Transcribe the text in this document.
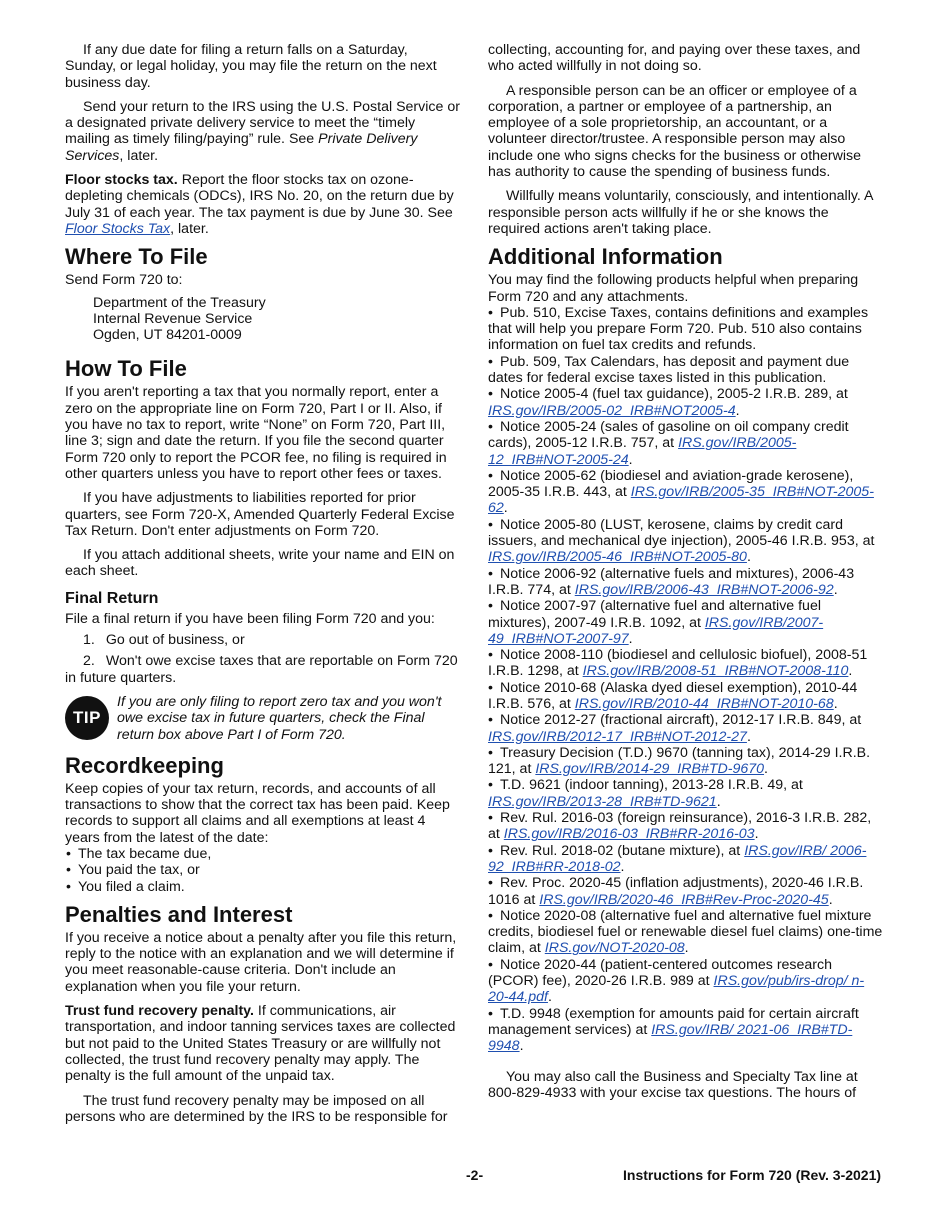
If any due date for filing a return falls on a Saturday, Sunday, or legal holiday, you may file the return on the next business day.

Send your return to the IRS using the U.S. Postal Service or a designated private delivery service to meet the “timely mailing as timely filing/paying” rule. See Private Delivery Services, later.

Floor stocks tax. Report the floor stocks tax on ozone-depleting chemicals (ODCs), IRS No. 20, on the return due by July 31 of each year. The tax payment is due by June 30. See Floor Stocks Tax, later.

Where To File

Send Form 720 to:

Department of the Treasury
Internal Revenue Service
Ogden, UT 84201-0009
How To File

If you aren't reporting a tax that you normally report, enter a zero on the appropriate line on Form 720, Part I or II. Also, if you have no tax to report, write “None” on Form 720, Part III, line 3; sign and date the return. If you file the second quarter Form 720 only to report the PCOR fee, no filing is required in other quarters unless you have to report other fees or taxes.

If you have adjustments to liabilities reported for prior quarters, see Form 720-X, Amended Quarterly Federal Excise Tax Return. Don't enter adjustments on Form 720.

If you attach additional sheets, write your name and EIN on each sheet.

Final Return

File a final return if you have been filing Form 720 and you:

1.  Go out of business, or
2.  Won't owe excise taxes that are reportable on Form 720 in future quarters.
TIP
If you are only filing to report zero tax and you won't owe excise tax in future quarters, check the Final return box above Part I of Form 720.
Recordkeeping

Keep copies of your tax return, records, and accounts of all transactions to show that the correct tax has been paid. Keep records to support all claims and all exemptions at least 4 years from the latest of the date:

• The tax became due,
• You paid the tax, or
• You filed a claim.
Penalties and Interest

If you receive a notice about a penalty after you file this return, reply to the notice with an explanation and we will determine if you meet reasonable-cause criteria. Don't include an explanation when you file your return.

Trust fund recovery penalty. If communications, air transportation, and indoor tanning services taxes are collected but not paid to the United States Treasury or are willfully not collected, the trust fund recovery penalty may apply. The penalty is the full amount of the unpaid tax.

The trust fund recovery penalty may be imposed on all persons who are determined by the IRS to be responsible for

collecting, accounting for, and paying over these taxes, and who acted willfully in not doing so.

A responsible person can be an officer or employee of a corporation, a partner or employee of a partnership, an employee of a sole proprietorship, an accountant, or a volunteer director/trustee. A responsible person may also include one who signs checks for the business or otherwise has authority to cause the spending of business funds.

Willfully means voluntarily, consciously, and intentionally. A responsible person acts willfully if he or she knows the required actions aren't taking place.

Additional Information

You may find the following products helpful when preparing Form 720 and any attachments.

• Pub. 510, Excise Taxes, contains definitions and examples that will help you prepare Form 720. Pub. 510 also contains information on fuel tax credits and refunds.
• Pub. 509, Tax Calendars, has deposit and payment due dates for federal excise taxes listed in this publication.
• Notice 2005-4 (fuel tax guidance), 2005-2 I.R.B. 289, at IRS.gov/IRB/2005-02_IRB#NOT2005-4.
• Notice 2005-24 (sales of gasoline on oil company credit cards), 2005-12 I.R.B. 757, at IRS.gov/IRB/2005-12_IRB#NOT-2005-24.
• Notice 2005-62 (biodiesel and aviation-grade kerosene), 2005-35 I.R.B. 443, at IRS.gov/IRB/2005-35_IRB#NOT-2005-62.
• Notice 2005-80 (LUST, kerosene, claims by credit card issuers, and mechanical dye injection), 2005-46 I.R.B. 953, at IRS.gov/IRB/2005-46_IRB#NOT-2005-80.
• Notice 2006-92 (alternative fuels and mixtures), 2006-43 I.R.B. 774, at IRS.gov/IRB/2006-43_IRB#NOT-2006-92.
• Notice 2007-97 (alternative fuel and alternative fuel mixtures), 2007-49 I.R.B. 1092, at IRS.gov/IRB/2007-49_IRB#NOT-2007-97.
• Notice 2008-110 (biodiesel and cellulosic biofuel), 2008-51 I.R.B. 1298, at IRS.gov/IRB/2008-51_IRB#NOT-2008-110.
• Notice 2010-68 (Alaska dyed diesel exemption), 2010-44 I.R.B. 576, at IRS.gov/IRB/2010-44_IRB#NOT-2010-68.
• Notice 2012-27 (fractional aircraft), 2012-17 I.R.B. 849, at IRS.gov/IRB/2012-17_IRB#NOT-2012-27.
• Treasury Decision (T.D.) 9670 (tanning tax), 2014-29 I.R.B. 121, at IRS.gov/IRB/2014-29_IRB#TD-9670.
• T.D. 9621 (indoor tanning), 2013-28 I.R.B. 49, at IRS.gov/IRB/2013-28_IRB#TD-9621.
• Rev. Rul. 2016-03 (foreign reinsurance), 2016-3 I.R.B. 282, at IRS.gov/IRB/2016-03_IRB#RR-2016-03.
• Rev. Rul. 2018-02 (butane mixture), at IRS.gov/IRB/ 2006-92_IRB#RR-2018-02.
• Rev. Proc. 2020-45 (inflation adjustments), 2020-46 I.R.B. 1016 at IRS.gov/IRB/2020-46_IRB#Rev-Proc-2020-45.
• Notice 2020-08 (alternative fuel and alternative fuel mixture credits, biodiesel fuel or renewable diesel fuel claims) one-time claim, at IRS.gov/NOT-2020-08.
• Notice 2020-44 (patient-centered outcomes research (PCOR) fee), 2020-26 I.R.B. 989 at IRS.gov/pub/irs-drop/ n-20-44.pdf.
• T.D. 9948 (exemption for amounts paid for certain aircraft management services) at IRS.gov/IRB/ 2021-06_IRB#TD-9948.

You may also call the Business and Specialty Tax line at 800-829-4933 with your excise tax questions. The hours of

-2-	Instructions for Form 720 (Rev. 3-2021)
